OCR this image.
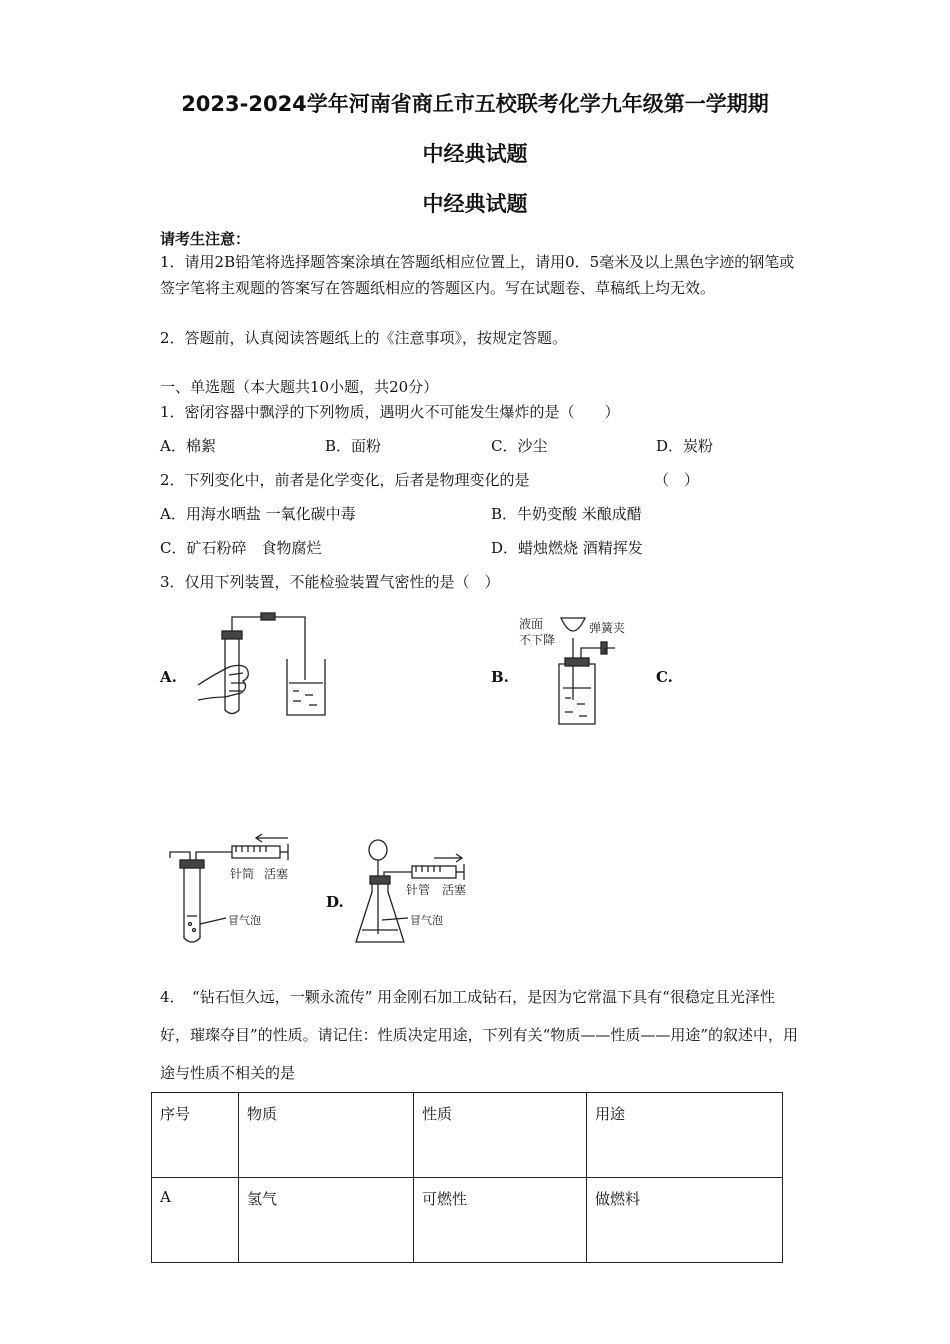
2023-2024学年河南省商丘市五校联考化学九年级第一学期期
中经典试题
中经典试题
请考生注意：
1．请用2B铅笔将选择题答案涂填在答题纸相应位置上，请用0．5毫米及以上黑色字迹的钢笔或签字笔将主观题的答案写在答题纸相应的答题区内。写在试题卷、草稿纸上均无效。
2．答题前，认真阅读答题纸上的《注意事项》，按规定答题。
一、单选题（本大题共10小题，共20分）
1．密闭容器中飘浮的下列物质，遇明火不可能发生爆炸的是（　　）
A．棉絮	B．面粉	C．沙尘	D．炭粉
2．下列变化中，前者是化学变化，后者是物理变化的是	（　）
A．用海水晒盐 一氧化碳中毒	B．牛奶变酸 米酿成醋
C．矿石粉碎　食物腐烂	D．蜡烛燃烧 酒精挥发
3．仅用下列装置，不能检验装置气密性的是（　）
A.	B.	C.
D.
液面
不下降
弹簧夹
针筒 活塞
冒气泡
针管 活塞
冒气泡
4．　“钻石恒久远，一颗永流传” 用金刚石加工成钻石，是因为它常温下具有“很稳定且光泽性好，璀璨夺目”的性质。请记住：性质决定用途，下列有关“物质——性质——用途”的叙述中，用途与性质不相关的是
序号	物质	性质	用途
A	氢气	可燃性	做燃料
